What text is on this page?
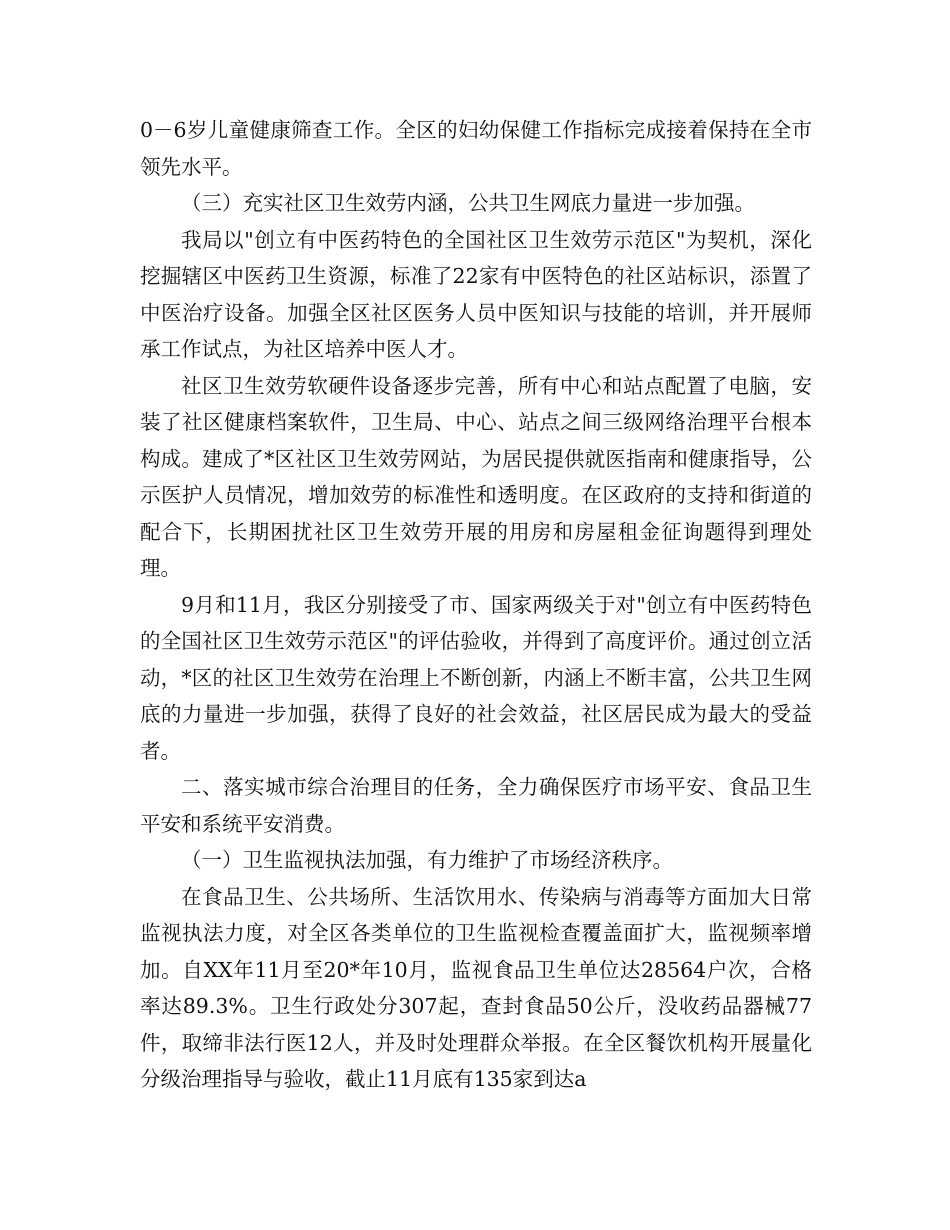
0－6岁儿童健康筛查工作。全区的妇幼保健工作指标完成接着保持在全市领先水平。

（三）充实社区卫生效劳内涵，公共卫生网底力量进一步加强。

我局以"创立有中医药特色的全国社区卫生效劳示范区"为契机，深化挖掘辖区中医药卫生资源，标准了22家有中医特色的社区站标识，添置了中医治疗设备。加强全区社区医务人员中医知识与技能的培训，并开展师承工作试点，为社区培养中医人才。

社区卫生效劳软硬件设备逐步完善，所有中心和站点配置了电脑，安装了社区健康档案软件，卫生局、中心、站点之间三级网络治理平台根本构成。建成了*区社区卫生效劳网站，为居民提供就医指南和健康指导，公示医护人员情况，增加效劳的标准性和透明度。在区政府的支持和街道的配合下，长期困扰社区卫生效劳开展的用房和房屋租金征询题得到理处理。

9月和11月，我区分别接受了市、国家两级关于对"创立有中医药特色的全国社区卫生效劳示范区"的评估验收，并得到了高度评价。通过创立活动，*区的社区卫生效劳在治理上不断创新，内涵上不断丰富，公共卫生网底的力量进一步加强，获得了良好的社会效益，社区居民成为最大的受益者。

二、落实城市综合治理目的任务，全力确保医疗市场平安、食品卫生平安和系统平安消费。

（一）卫生监视执法加强，有力维护了市场经济秩序。

在食品卫生、公共场所、生活饮用水、传染病与消毒等方面加大日常监视执法力度，对全区各类单位的卫生监视检查覆盖面扩大，监视频率增加。自XX年11月至20*年10月，监视食品卫生单位达28564户次，合格率达89.3%。卫生行政处分307起，查封食品50公斤，没收药品器械77件，取缔非法行医12人，并及时处理群众举报。在全区餐饮机构开展量化分级治理指导与验收，截止11月底有135家到达a
